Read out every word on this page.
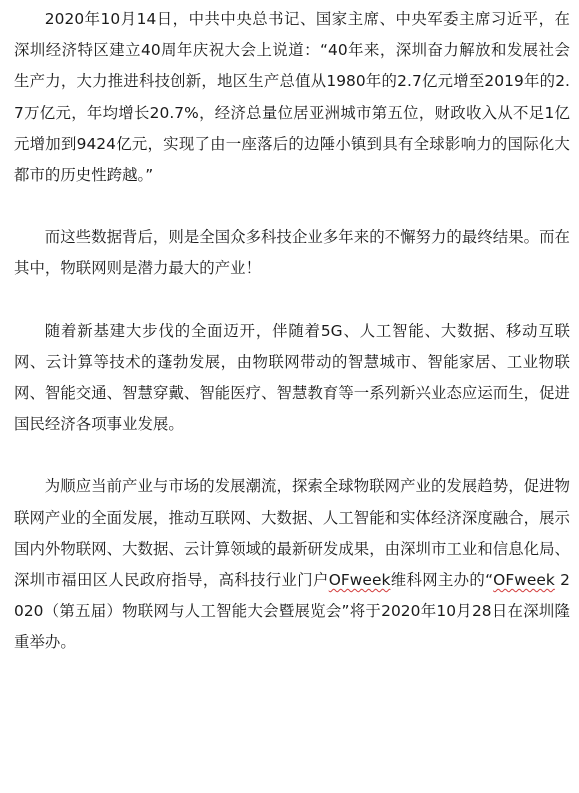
2020年10月14日，中共中央总书记、国家主席、中央军委主席习近平，在深圳经济特区建立40周年庆祝大会上说道：“40年来，深圳奋力解放和发展社会生产力，大力推进科技创新，地区生产总值从1980年的2.7亿元增至2019年的2.7万亿元，年均增长20.7%，经济总量位居亚洲城市第五位，财政收入从不足1亿元增加到9424亿元，实现了由一座落后的边陲小镇到具有全球影响力的国际化大都市的历史性跨越。”

而这些数据背后，则是全国众多科技企业多年来的不懈努力的最终结果。而在其中，物联网则是潜力最大的产业！

随着新基建大步伐的全面迈开，伴随着5G、人工智能、大数据、移动互联网、云计算等技术的蓬勃发展，由物联网带动的智慧城市、智能家居、工业物联网、智能交通、智慧穿戴、智能医疗、智慧教育等一系列新兴业态应运而生，促进国民经济各项事业发展。

为顺应当前产业与市场的发展潮流，探索全球物联网产业的发展趋势，促进物联网产业的全面发展，推动互联网、大数据、人工智能和实体经济深度融合，展示国内外物联网、大数据、云计算领域的最新研发成果，由深圳市工业和信息化局、深圳市福田区人民政府指导，高科技行业门户OFweek维科网主办的“OFweek 2020（第五届）物联网与人工智能大会暨展览会”将于2020年10月28日在深圳隆重举办。
